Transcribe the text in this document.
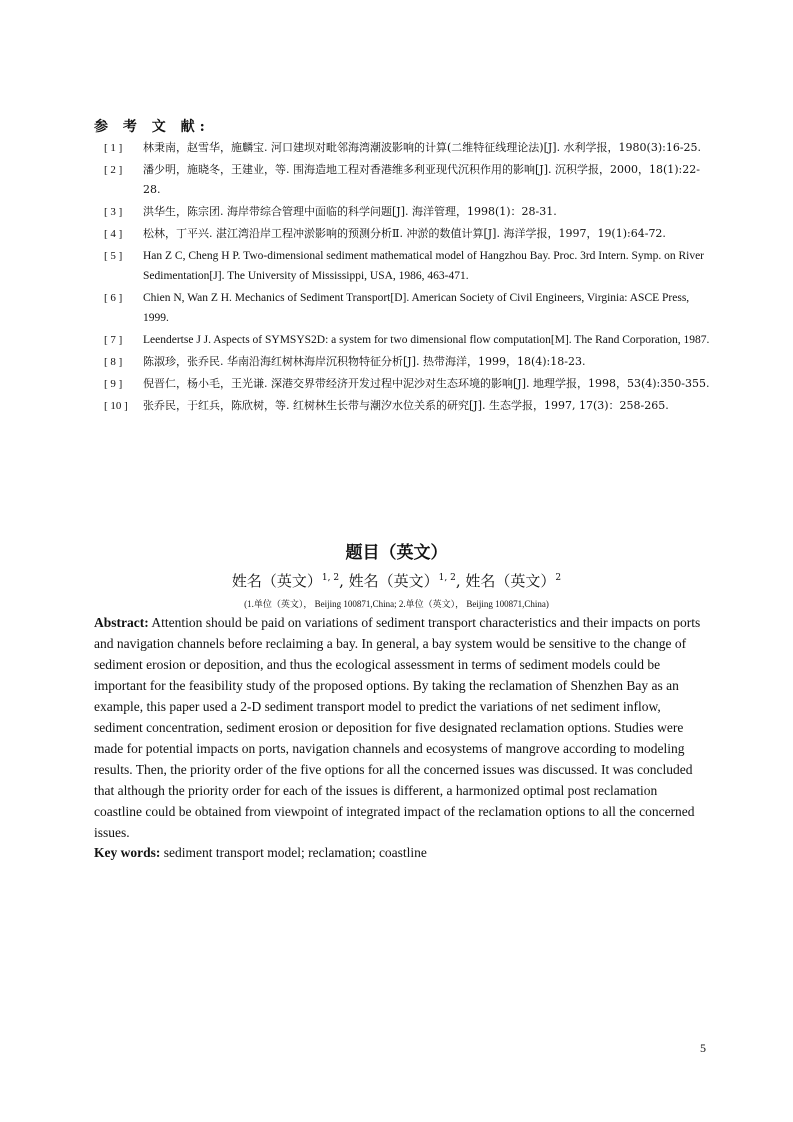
参 考 文 献:
[ 1 ]	林秉南，赵雪华，施麟宝. 河口建坝对毗邻海湾潮波影响的计算(二维特征线理论法)[J]. 水利学报，1980(3):16-25.
[ 2 ]	潘少明，施晓冬，王建业，等. 围海造地工程对香港维多利亚现代沉积作用的影响[J]. 沉积学报，2000，18(1):22-28.
[ 3 ]	洪华生，陈宗团. 海岸带综合管理中面临的科学问题[J]. 海洋管理，1998(1)：28-31.
[ 4 ]	松林，丁平兴. 湛江湾沿岸工程冲淤影响的预测分析Ⅱ. 冲淤的数值计算[J]. 海洋学报，1997，19(1):64-72.
[ 5 ]	Han Z C, Cheng H P. Two-dimensional sediment mathematical model of Hangzhou Bay. Proc. 3rd Intern. Symp. on River Sedimentation[J]. The University of Mississippi, USA, 1986, 463-471.
[ 6 ]	Chien N, Wan Z H. Mechanics of Sediment Transport[D]. American Society of Civil Engineers, Virginia: ASCE Press, 1999.
[ 7 ]	Leendertse J J. Aspects of SYMSYS2D: a system for two dimensional flow computation[M]. The Rand Corporation, 1987.
[ 8 ]	陈淑珍，张乔民. 华南沿海红树林海岸沉积物特征分析[J]. 热带海洋，1999，18(4):18-23.
[ 9 ]	倪晋仁，杨小毛，王光谦. 深港交界带经济开发过程中泥沙对生态环境的影响[J]. 地理学报，1998，53(4):350-355.
[ 10 ]	张乔民，于红兵，陈欣树，等. 红树林生长带与潮汐水位关系的研究[J]. 生态学报，1997, 17(3)：258-265.
题目（英文）
姓名（英文）$^{1, 2}$, 姓名（英文）$^{1, 2}$, 姓名（英文）$^2$
(1.单位（英文）， Beijing 100871,China; 2.单位（英文）， Beijing 100871,China)

Abstract: Attention should be paid on variations of sediment transport characteristics and their impacts on ports and navigation channels before reclaiming a bay. In general, a bay system would be sensitive to the change of sediment erosion or deposition, and thus the ecological assessment in terms of sediment models could be important for the feasibility study of the proposed options. By taking the reclamation of Shenzhen Bay as an example, this paper used a 2-D sediment transport model to predict the variations of net sediment inflow, sediment concentration, sediment erosion or deposition for five designated reclamation options. Studies were made for potential impacts on ports, navigation channels and ecosystems of mangrove according to modeling results. Then, the priority order of the five options for all the concerned issues was discussed. It was concluded that although the priority order for each of the issues is different, a harmonized optimal post reclamation coastline could be obtained from viewpoint of integrated impact of the reclamation options to all the concerned issues.

Key words: sediment transport model; reclamation; coastline

5
